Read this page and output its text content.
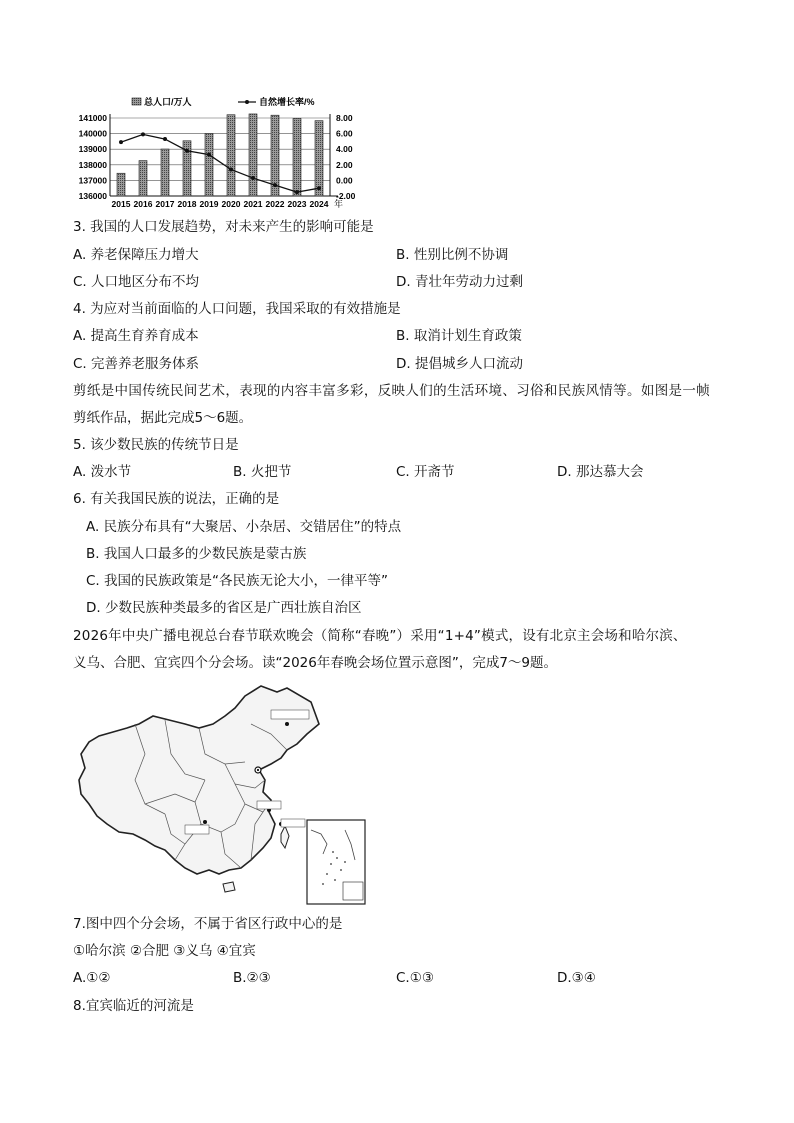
141000
140000
139000
138000
137000
136000
8.00
6.00
4.00
2.00
0.00
-2.00
2015 2016 2017 2018 2019 2020 2021 2022 2023 2024 年
总人口/万人	自然增长率/%
3. 我国的人口发展趋势，对未来产生的影响可能是
A. 养老保障压力增大	B. 性别比例不协调
C. 人口地区分布不均	D. 青壮年劳动力过剩
4. 为应对当前面临的人口问题，我国采取的有效措施是
A. 提高生育养育成本	B. 取消计划生育政策
C. 完善养老服务体系	D. 提倡城乡人口流动
剪纸是中国传统民间艺术，表现的内容丰富多彩，反映人们的生活环境、习俗和民族风情等。如图是一帧
剪纸作品，据此完成5～6题。
5. 该少数民族的传统节日是
A. 泼水节	B. 火把节	C. 开斋节	D. 那达慕大会
6. 有关我国民族的说法，正确的是
A. 民族分布具有“大聚居、小杂居、交错居住”的特点
B. 我国人口最多的少数民族是蒙古族
C. 我国的民族政策是“各民族无论大小，一律平等”
D. 少数民族种类最多的省区是广西壮族自治区
2026年中央广播电视总台春节联欢晚会（简称“春晚”）采用“1+4”模式，设有北京主会场和哈尔滨、
义乌、合肥、宜宾四个分会场。读“2026年春晚会场位置示意图”，完成7～9题。
7.图中四个分会场，不属于省区行政中心的是
①哈尔滨 ②合肥 ③义乌 ④宜宾
A.①②	B.②③	C.①③	D.③④
8.宜宾临近的河流是
